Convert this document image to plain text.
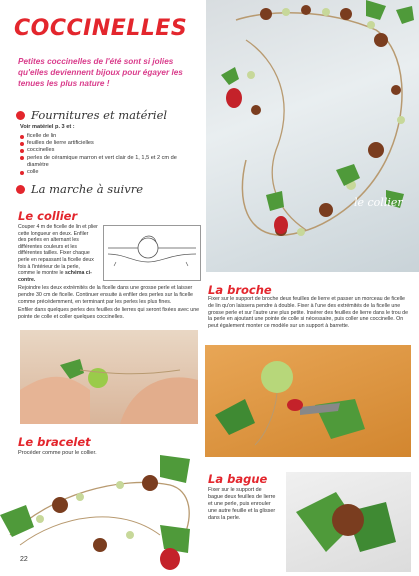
COCCINELLES
Petites coccinelles de l'été sont si jolies qu'elles deviennent bijoux pour égayer les tenues les plus nature !
Fournitures et matériel
Voir matériel p. 3 et :
ficelle de lin
feuilles de lierre artificielles
coccinelles
perles de céramique marron et vert clair de 1, 1,5 et 2 cm de diamètre
colle
La marche à suivre
Le collier
Couper 4 m de ficelle de lin et plier cette longueur en deux. Enfiler des perles en alternant les différentes couleurs et les différentes tailles. Fixer chaque perle en repassant la ficelle deux fois à l'intérieur de la perle, comme le montre le schéma ci-contre.
Rejoindre les deux extrémités de la ficelle dans une grosse perle et laisser pendre 30 cm de ficelle. Continuer ensuite à enfiler des perles sur la ficelle comme précédemment, en terminant par les perles les plus fines.
Enfiler dans quelques perles des feuilles de lierres qui seront fixées avec une pointe de colle et coller quelques coccinelles.
le collier
La broche
Fixer sur le support de broche deux feuilles de lierre et passer un morceau de ficelle de lin qu'on laissera pendre à double. Fixer à l'une des extrémités de la ficelle une grosse perle et sur l'autre une plus petite. Insérer des feuilles de lierre dans le trou de la perle en ajoutant une pointe de colle si nécessaire, puis coller une coccinelle. On peut également monter ce modèle sur un support à barrette.
Le bracelet
Procéder comme pour le collier.
22
La bague
Fixer sur le support de bague deux feuilles de lierre et une perle, puis enrouler une autre feuille et la glisser dans la perle.
